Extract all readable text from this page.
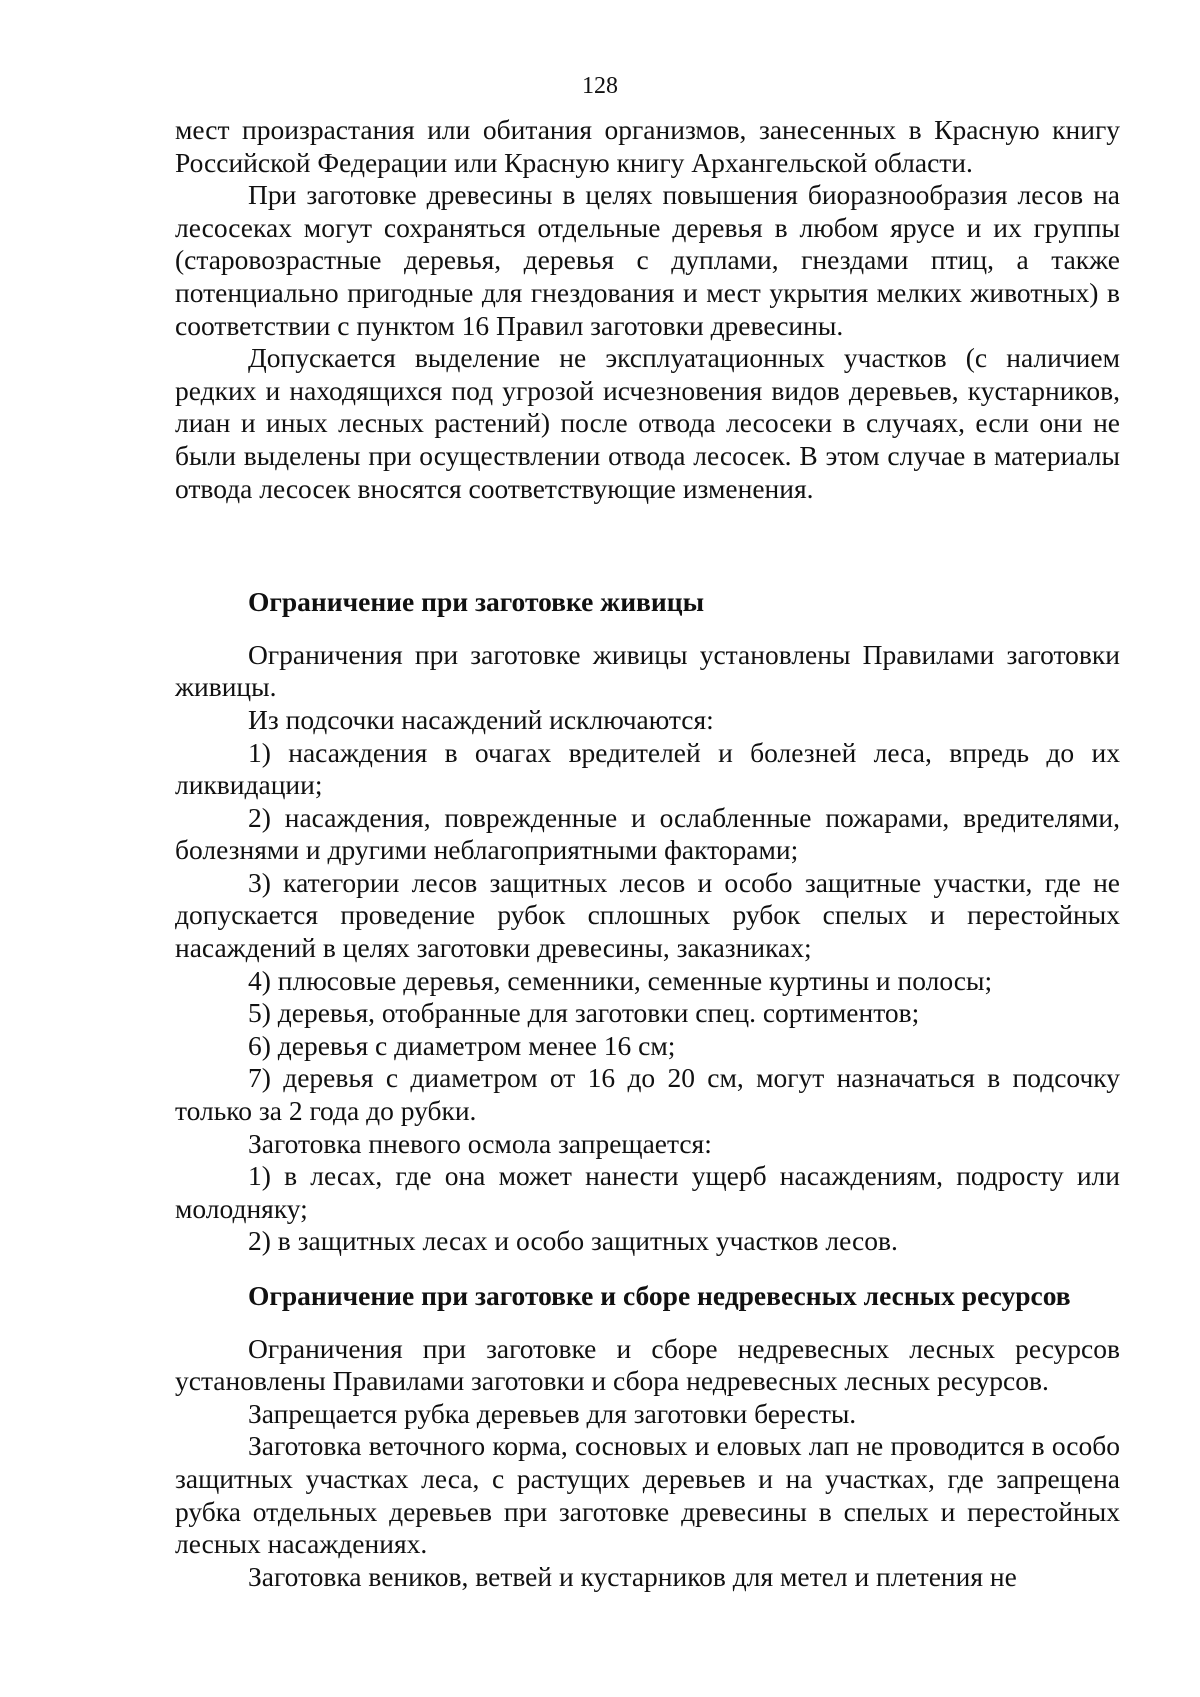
128

мест произрастания или обитания организмов, занесенных в Красную книгу Российской Федерации или Красную книгу Архангельской области.

При заготовке древесины в целях повышения биоразнообразия лесов на лесосеках могут сохраняться отдельные деревья в любом ярусе и их группы (старовозрастные деревья, деревья с дуплами, гнездами птиц, а также потенциально пригодные для гнездования и мест укрытия мелких животных) в соответствии с пунктом 16 Правил заготовки древесины.

Допускается выделение не эксплуатационных участков (с наличием редких и находящихся под угрозой исчезновения видов деревьев, кустарников, лиан и иных лесных растений) после отвода лесосеки в случаях, если они не были выделены при осуществлении отвода лесосек. В этом случае в материалы отвода лесосек вносятся соответствующие изменения.

Ограничение при заготовке живицы

Ограничения при заготовке живицы установлены Правилами заготовки живицы.

Из подсочки насаждений исключаются:

1) насаждения в очагах вредителей и болезней леса, впредь до их ликвидации;

2) насаждения, поврежденные и ослабленные пожарами, вредителями, болезнями и другими неблагоприятными факторами;

3) категории лесов защитных лесов и особо защитные участки, где не допускается проведение рубок сплошных рубок спелых и перестойных насаждений в целях заготовки древесины, заказниках;

4) плюсовые деревья, семенники, семенные куртины и полосы;

5) деревья, отобранные для заготовки спец. сортиментов;

6) деревья с диаметром менее 16 см;

7) деревья с диаметром от 16 до 20 см, могут назначаться в подсочку только за 2 года до рубки.

Заготовка пневого осмола запрещается:

1) в лесах, где она может нанести ущерб насаждениям, подросту или молодняку;

2) в защитных лесах и особо защитных участков лесов.

Ограничение при заготовке и сборе недревесных лесных ресурсов

Ограничения при заготовке и сборе недревесных лесных ресурсов установлены Правилами заготовки и сбора недревесных лесных ресурсов.

Запрещается рубка деревьев для заготовки бересты.

Заготовка веточного корма, сосновых и еловых лап не проводится в особо защитных участках леса, с растущих деревьев и на участках, где запрещена рубка отдельных деревьев при заготовке древесины в спелых и перестойных лесных насаждениях.

Заготовка веников, ветвей и кустарников для метел и плетения не
